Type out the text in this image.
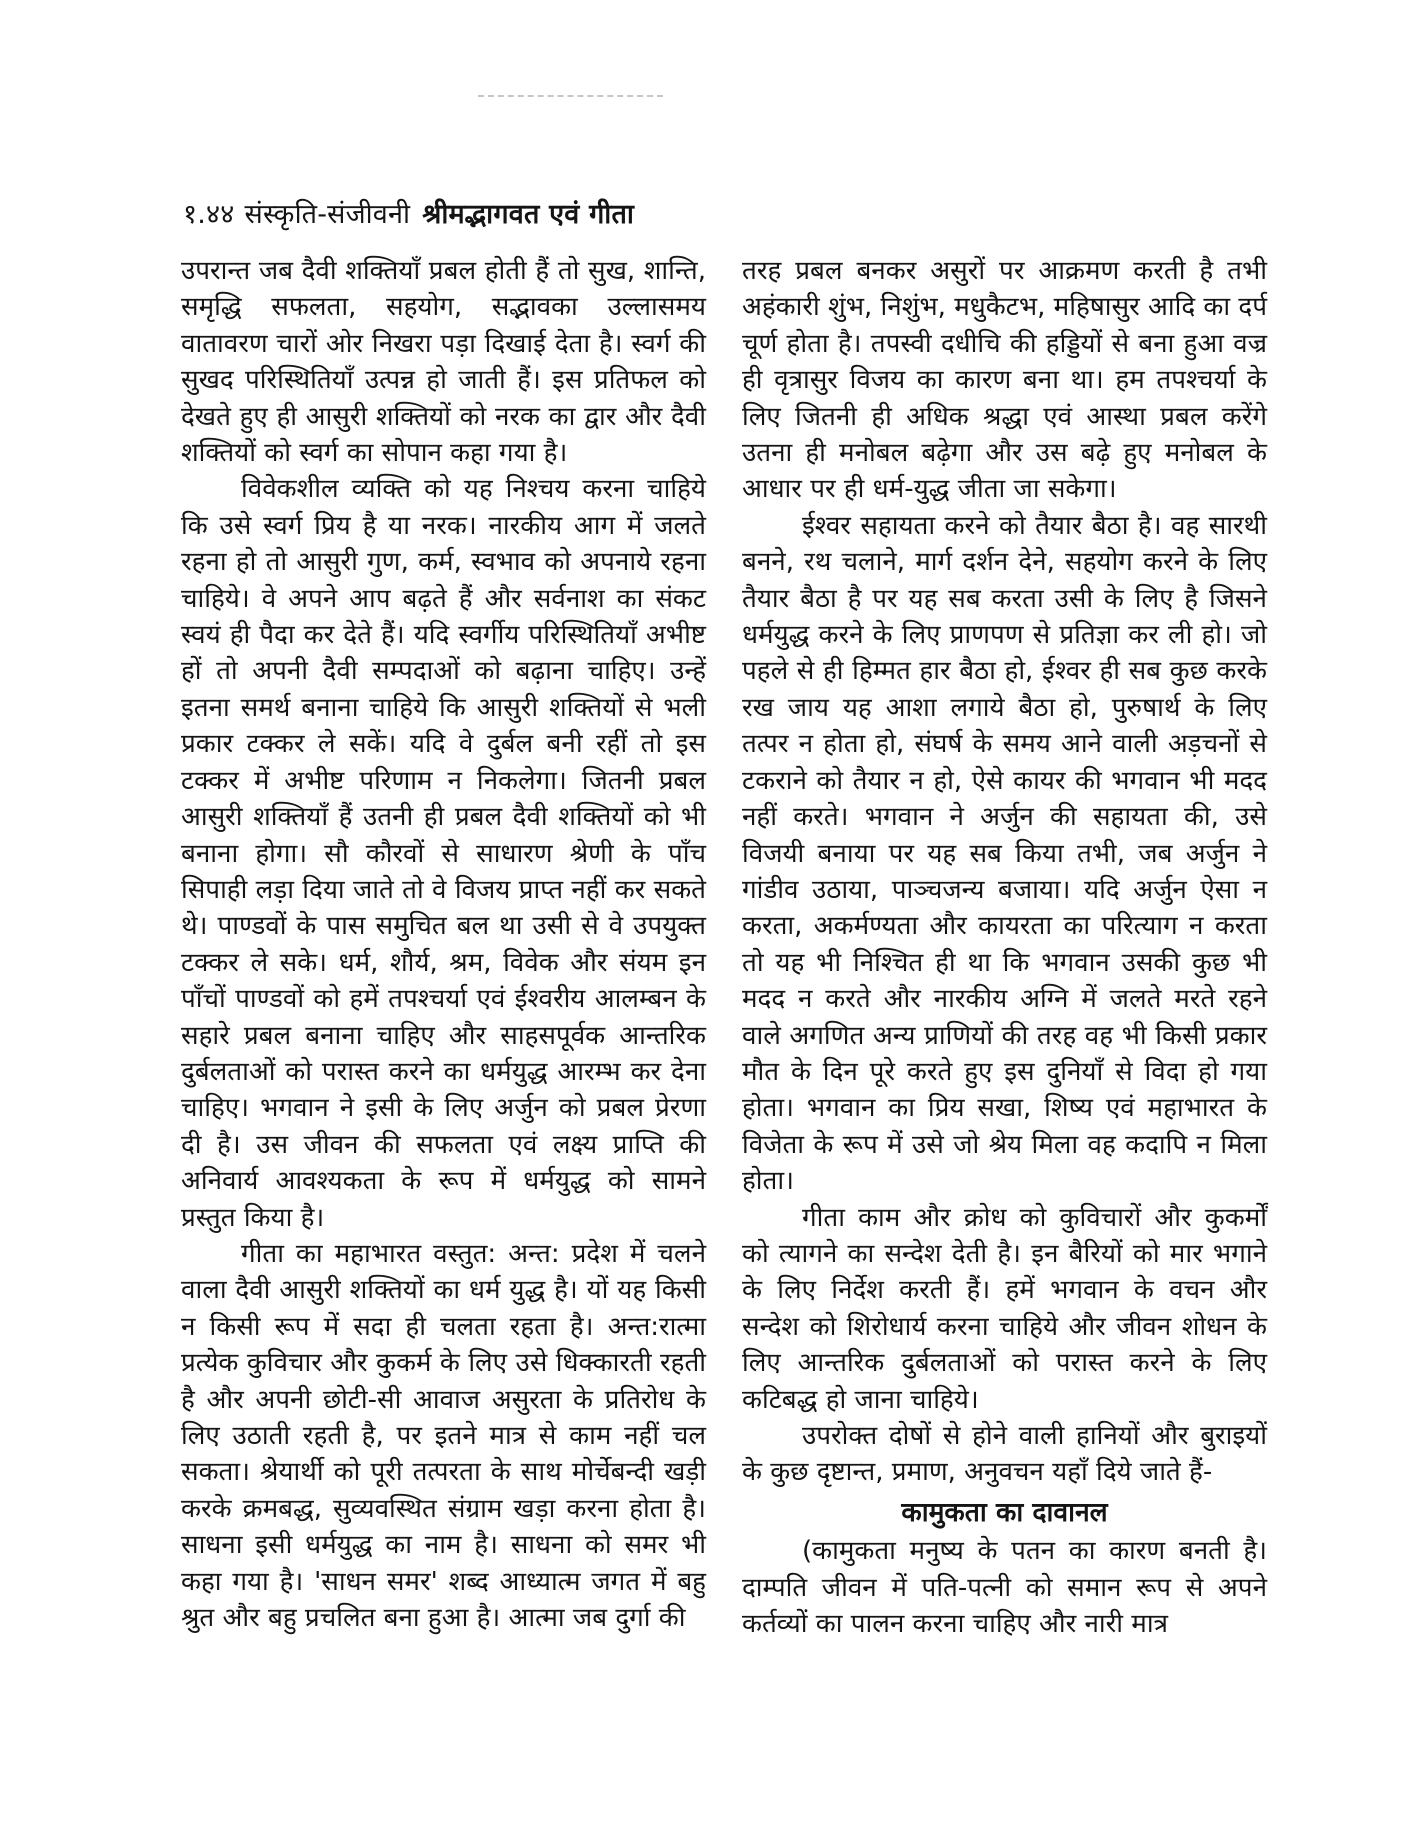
१.४४ संस्कृति-संजीवनी श्रीमद्भागवत एवं गीता

उपरान्त जब दैवी शक्तियाँ प्रबल होती हैं तो सुख, शान्ति, समृद्धि सफलता, सहयोग, सद्भावका उल्लासमय वातावरण चारों ओर निखरा पड़ा दिखाई देता है। स्वर्ग की सुखद परिस्थितियाँ उत्पन्न हो जाती हैं। इस प्रतिफल को देखते हुए ही आसुरी शक्तियों को नरक का द्वार और दैवी शक्तियों को स्वर्ग का सोपान कहा गया है।

विवेकशील व्यक्ति को यह निश्चय करना चाहिये कि उसे स्वर्ग प्रिय है या नरक। नारकीय आग में जलते रहना हो तो आसुरी गुण, कर्म, स्वभाव को अपनाये रहना चाहिये। वे अपने आप बढ़ते हैं और सर्वनाश का संकट स्वयं ही पैदा कर देते हैं। यदि स्वर्गीय परिस्थितियाँ अभीष्ट हों तो अपनी दैवी सम्पदाओं को बढ़ाना चाहिए। उन्हें इतना समर्थ बनाना चाहिये कि आसुरी शक्तियों से भली प्रकार टक्कर ले सकें। यदि वे दुर्बल बनी रहीं तो इस टक्कर में अभीष्ट परिणाम न निकलेगा। जितनी प्रबल आसुरी शक्तियाँ हैं उतनी ही प्रबल दैवी शक्तियों को भी बनाना होगा। सौ कौरवों से साधारण श्रेणी के पाँच सिपाही लड़ा दिया जाते तो वे विजय प्राप्त नहीं कर सकते थे। पाण्डवों के पास समुचित बल था उसी से वे उपयुक्त टक्कर ले सके। धर्म, शौर्य, श्रम, विवेक और संयम इन पाँचों पाण्डवों को हमें तपश्चर्या एवं ईश्वरीय आलम्बन के सहारे प्रबल बनाना चाहिए और साहसपूर्वक आन्तरिक दुर्बलताओं को परास्त करने का धर्मयुद्ध आरम्भ कर देना चाहिए। भगवान ने इसी के लिए अर्जुन को प्रबल प्रेरणा दी है। उस जीवन की सफलता एवं लक्ष्य प्राप्ति की अनिवार्य आवश्यकता के रूप में धर्मयुद्ध को सामने प्रस्तुत किया है।

गीता का महाभारत वस्तुत: अन्त: प्रदेश में चलने वाला दैवी आसुरी शक्तियों का धर्म युद्ध है। यों यह किसी न किसी रूप में सदा ही चलता रहता है। अन्त:रात्मा प्रत्येक कुविचार और कुकर्म के लिए उसे धिक्कारती रहती है और अपनी छोटी-सी आवाज असुरता के प्रतिरोध के लिए उठाती रहती है, पर इतने मात्र से काम नहीं चल सकता। श्रेयार्थी को पूरी तत्परता के साथ मोर्चेबन्दी खड़ी करके क्रमबद्ध, सुव्यवस्थित संग्राम खड़ा करना होता है। साधना इसी धर्मयुद्ध का नाम है। साधना को समर भी कहा गया है। 'साधन समर' शब्द आध्यात्म जगत में बहु श्रुत और बहु प्रचलित बना हुआ है। आत्मा जब दुर्गा की

तरह प्रबल बनकर असुरों पर आक्रमण करती है तभी अहंकारी शुंभ, निशुंभ, मधुकैटभ, महिषासुर आदि का दर्प चूर्ण होता है। तपस्वी दधीचि की हड्डियों से बना हुआ वज्र ही वृत्रासुर विजय का कारण बना था। हम तपश्चर्या के लिए जितनी ही अधिक श्रद्धा एवं आस्था प्रबल करेंगे उतना ही मनोबल बढ़ेगा और उस बढ़े हुए मनोबल के आधार पर ही धर्म-युद्ध जीता जा सकेगा।

ईश्वर सहायता करने को तैयार बैठा है। वह सारथी बनने, रथ चलाने, मार्ग दर्शन देने, सहयोग करने के लिए तैयार बैठा है पर यह सब करता उसी के लिए है जिसने धर्मयुद्ध करने के लिए प्राणपण से प्रतिज्ञा कर ली हो। जो पहले से ही हिम्मत हार बैठा हो, ईश्वर ही सब कुछ करके रख जाय यह आशा लगाये बैठा हो, पुरुषार्थ के लिए तत्पर न होता हो, संघर्ष के समय आने वाली अड़चनों से टकराने को तैयार न हो, ऐसे कायर की भगवान भी मदद नहीं करते। भगवान ने अर्जुन की सहायता की, उसे विजयी बनाया पर यह सब किया तभी, जब अर्जुन ने गांडीव उठाया, पाञ्चजन्य बजाया। यदि अर्जुन ऐसा न करता, अकर्मण्यता और कायरता का परित्याग न करता तो यह भी निश्चित ही था कि भगवान उसकी कुछ भी मदद न करते और नारकीय अग्नि में जलते मरते रहने वाले अगणित अन्य प्राणियों की तरह वह भी किसी प्रकार मौत के दिन पूरे करते हुए इस दुनियाँ से विदा हो गया होता। भगवान का प्रिय सखा, शिष्य एवं महाभारत के विजेता के रूप में उसे जो श्रेय मिला वह कदापि न मिला होता।

गीता काम और क्रोध को कुविचारों और कुकर्मों को त्यागने का सन्देश देती है। इन बैरियों को मार भगाने के लिए निर्देश करती हैं। हमें भगवान के वचन और सन्देश को शिरोधार्य करना चाहिये और जीवन शोधन के लिए आन्तरिक दुर्बलताओं को परास्त करने के लिए कटिबद्ध हो जाना चाहिये।

उपरोक्त दोषों से होने वाली हानियों और बुराइयों के कुछ दृष्टान्त, प्रमाण, अनुवचन यहाँ दिये जाते हैं-

कामुकता का दावानल

(कामुकता मनुष्य के पतन का कारण बनती है। दाम्पति जीवन में पति-पत्नी को समान रूप से अपने कर्तव्यों का पालन करना चाहिए और नारी मात्र
